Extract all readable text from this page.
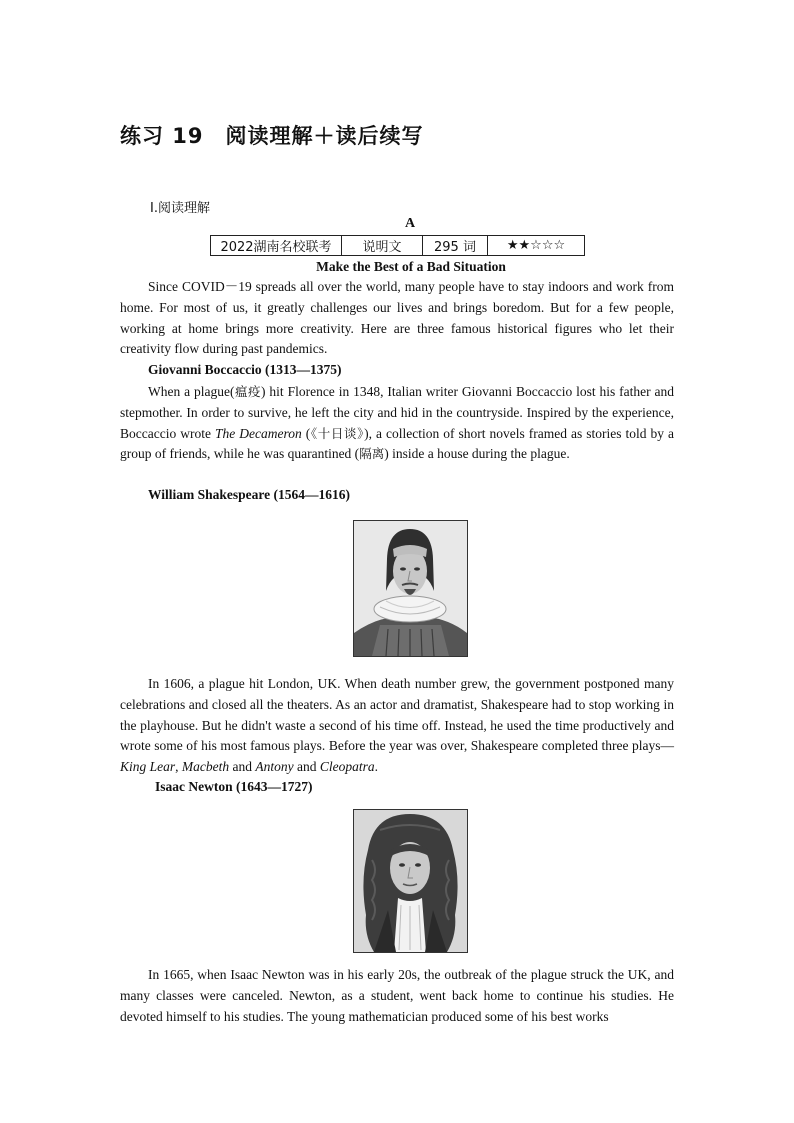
练习 19　阅读理解＋读后续写
Ⅰ.阅读理解
A
2022湖南名校联考	说明文	295 词	★★☆☆☆
Make the Best of a Bad Situation

Since COVID－19 spreads all over the world, many people have to stay indoors and work from home. For most of us, it greatly challenges our lives and brings boredom. But for a few people, working at home brings more creativity. Here are three famous historical figures who let their creativity flow during past pandemics.

Giovanni Boccaccio (1313—1375)

When a plague(瘟疫) hit Florence in 1348, Italian writer Giovanni Boccaccio lost his father and stepmother. In order to survive, he left the city and hid in the countryside. Inspired by the experience, Boccaccio wrote The Decameron (《十日谈》), a collection of short novels framed as stories told by a group of friends, while he was quarantined (隔离) inside a house during the plague.

William Shakespeare (1564—1616)

In 1606, a plague hit London, UK. When death number grew, the government postponed many celebrations and closed all the theaters. As an actor and dramatist, Shakespeare had to stop working in the playhouse. But he didn't waste a second of his time off. Instead, he used the time productively and wrote some of his most famous plays. Before the year was over, Shakespeare completed three plays—King Lear, Macbeth and Antony and Cleopatra.

Isaac Newton (1643—1727)

In 1665, when Isaac Newton was in his early 20s, the outbreak of the plague struck the UK, and many classes were canceled. Newton, as a student, went back home to continue his studies. He devoted himself to his studies. The young mathematician produced some of his best works
